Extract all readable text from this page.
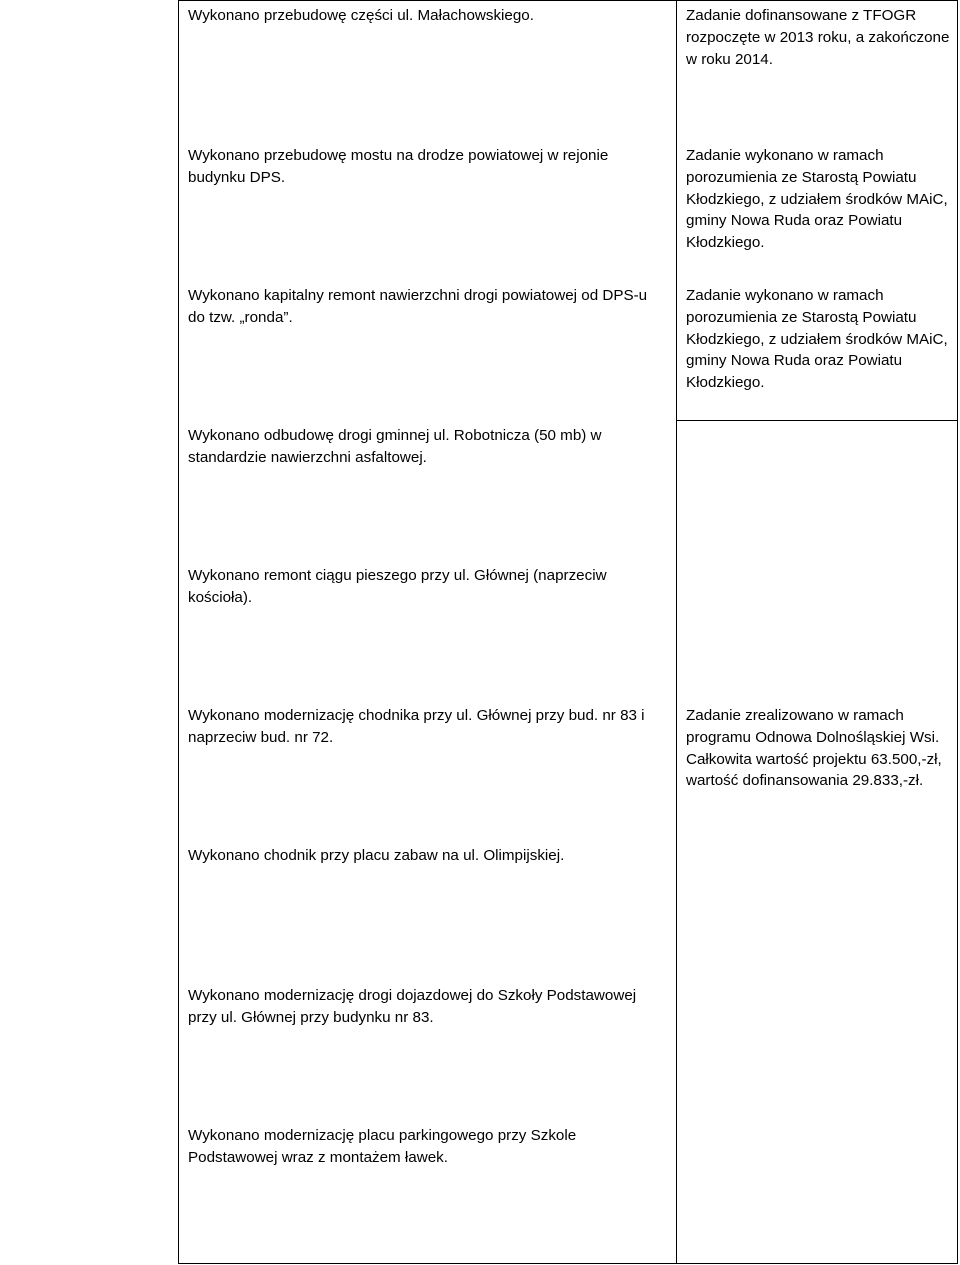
Wykonano przebudowę części ul. Małachowskiego.	Zadanie dofinansowane z TFOGR rozpoczęte w 2013 roku, a zakończone w roku 2014.
Wykonano przebudowę mostu na drodze powiatowej w rejonie budynku DPS.
Zadanie wykonano w ramach porozumienia ze Starostą Powiatu Kłodzkiego, z udziałem środków MAiC, gminy Nowa Ruda oraz Powiatu Kłodzkiego.
Wykonano kapitalny remont nawierzchni drogi powiatowej od DPS-u do tzw. „ronda”.
Zadanie wykonano w ramach porozumienia ze Starostą Powiatu Kłodzkiego, z udziałem środków MAiC, gminy Nowa Ruda oraz Powiatu Kłodzkiego.
Wykonano odbudowę drogi gminnej ul. Robotnicza (50 mb) w standardzie nawierzchni asfaltowej.
Wykonano remont ciągu pieszego przy ul. Głównej (naprzeciw kościoła).
Wykonano modernizację chodnika przy ul. Głównej przy bud. nr 83 i naprzeciw bud. nr 72.
Zadanie zrealizowano w ramach programu Odnowa Dolnośląskiej Wsi. Całkowita wartość projektu 63.500,-zł, wartość dofinansowania 29.833,-zł.
Wykonano chodnik przy placu zabaw na ul. Olimpijskiej.
Wykonano modernizację drogi dojazdowej do Szkoły Podstawowej przy ul. Głównej przy budynku nr 83.
Wykonano modernizację placu parkingowego przy Szkole Podstawowej wraz z montażem ławek.
